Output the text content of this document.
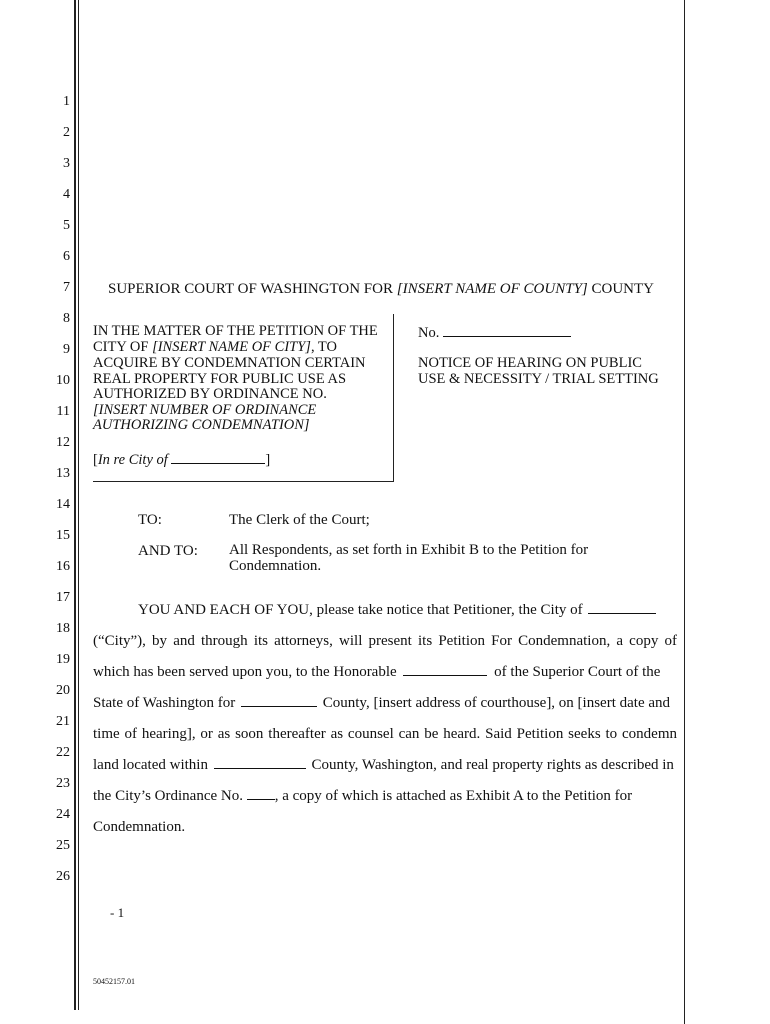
1
2
3
4
5
6
7
8
9
10
11
12
13
14
15
16
17
18
19
20
21
22
23
24
25
26
SUPERIOR COURT OF WASHINGTON FOR [INSERT NAME OF COUNTY] COUNTY
IN THE MATTER OF THE PETITION OF THE
CITY OF [INSERT NAME OF CITY], TO
ACQUIRE BY CONDEMNATION CERTAIN
REAL PROPERTY FOR PUBLIC USE AS
AUTHORIZED BY ORDINANCE NO.
[INSERT NUMBER OF ORDINANCE
AUTHORIZING CONDEMNATION]
[In re City of	]
No.
NOTICE OF HEARING ON PUBLIC
USE & NECESSITY / TRIAL SETTING
TO:	The Clerk of the Court;
AND TO: All Respondents, as set forth in Exhibit B to the Petition for
Condemnation.
YOU AND EACH OF YOU, please take notice that Petitioner, the City of
(“City”), by and through its attorneys, will present its Petition For Condemnation, a copy of
which has been served upon you, to the Honorable	of the Superior Court of the
State of Washington for	County, [insert address of courthouse], on [insert date and
time of hearing], or as soon thereafter as counsel can be heard. Said Petition seeks to condemn
land located within	County, Washington, and real property rights as described in
the City’s Ordinance No. , a copy of which is attached as Exhibit A to the Petition for
Condemnation.
- 1
50452157.01
